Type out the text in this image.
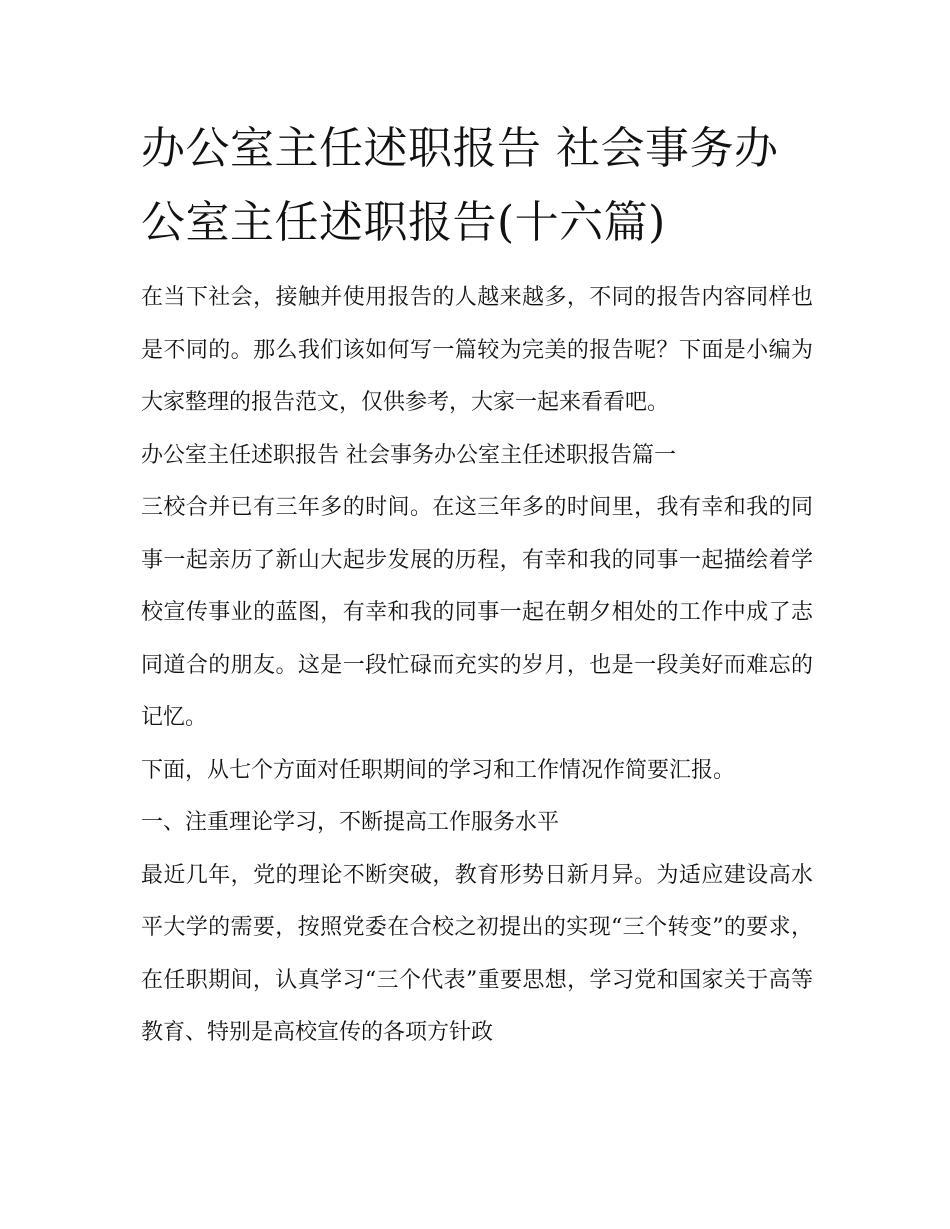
办公室主任述职报告 社会事务办公室主任述职报告(十六篇)

在当下社会，接触并使用报告的人越来越多，不同的报告内容同样也是不同的。那么我们该如何写一篇较为完美的报告呢？下面是小编为大家整理的报告范文，仅供参考，大家一起来看看吧。

办公室主任述职报告 社会事务办公室主任述职报告篇一

三校合并已有三年多的时间。在这三年多的时间里，我有幸和我的同事一起亲历了新山大起步发展的历程，有幸和我的同事一起描绘着学校宣传事业的蓝图，有幸和我的同事一起在朝夕相处的工作中成了志同道合的朋友。这是一段忙碌而充实的岁月，也是一段美好而难忘的记忆。

下面，从七个方面对任职期间的学习和工作情况作简要汇报。

一、注重理论学习，不断提高工作服务水平

最近几年，党的理论不断突破，教育形势日新月异。为适应建设高水平大学的需要，按照党委在合校之初提出的实现“三个转变”的要求，在任职期间，认真学习“三个代表”重要思想，学习党和国家关于高等教育、特别是高校宣传的各项方针政
